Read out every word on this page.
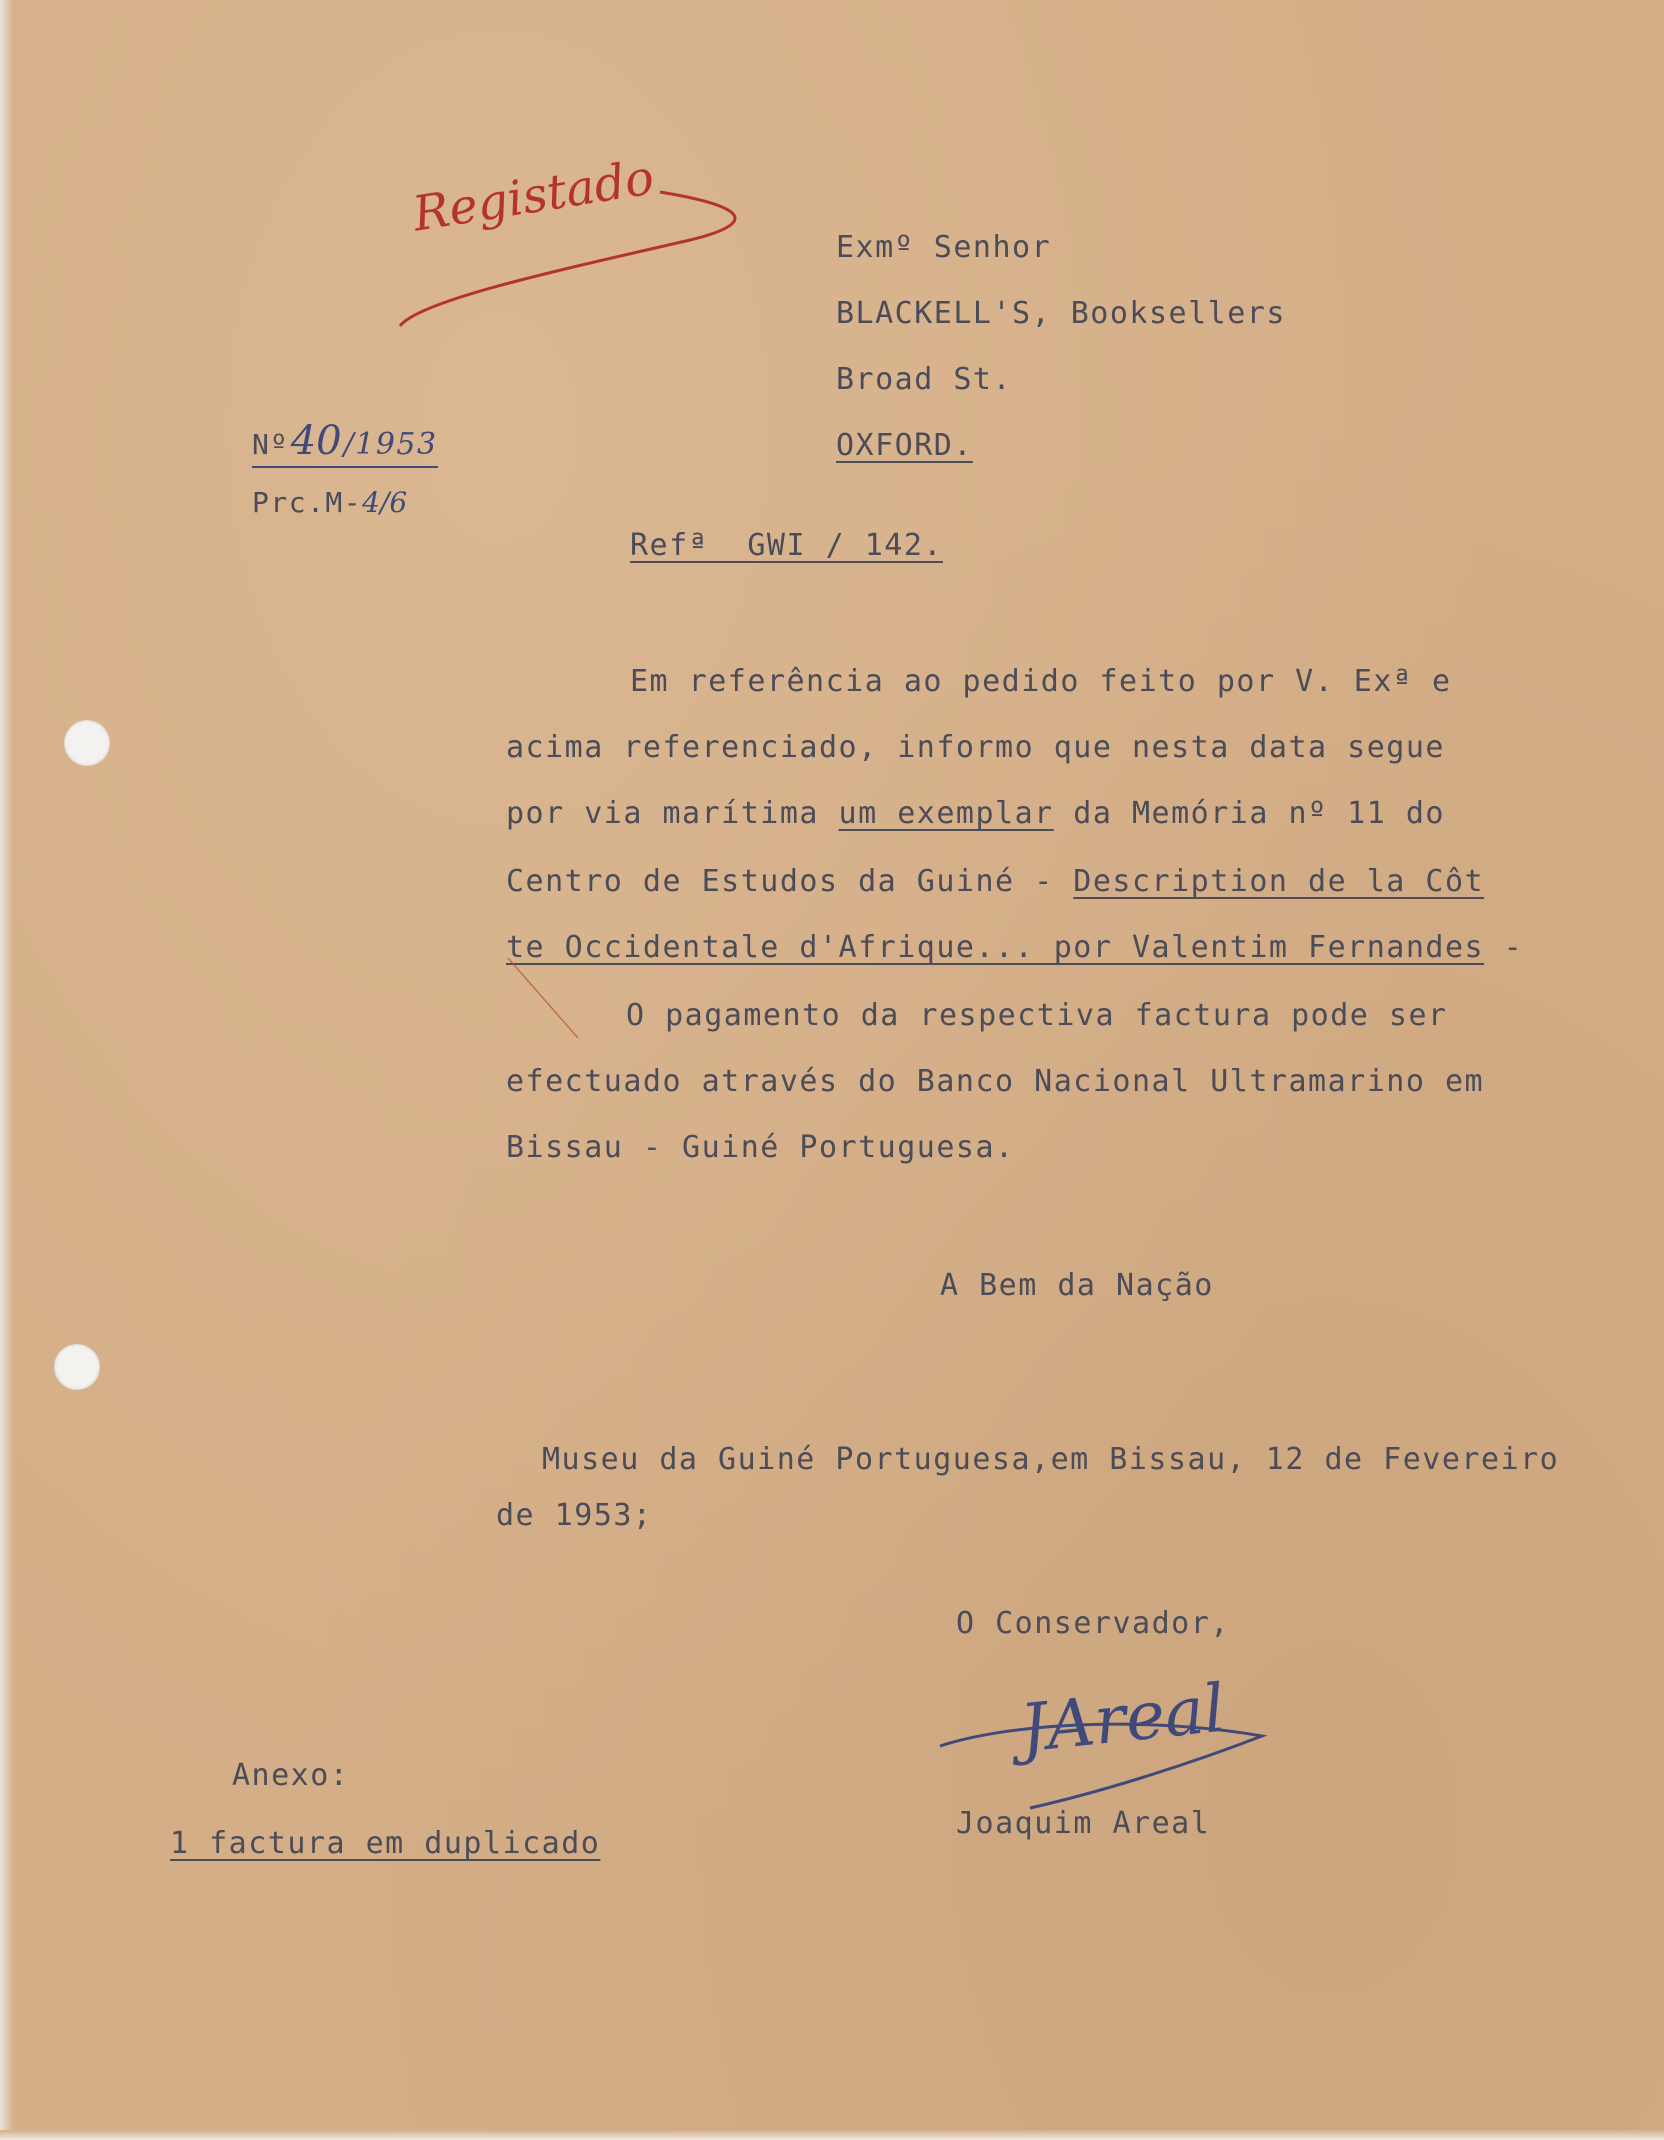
Registado
Exmº Senhor
BLACKELL'S, Booksellers
Broad St.
OXFORD.
Nº40/1953
Prc.M-4/6
Refª  GWI / 142.
Em referência ao pedido feito por V. Exª e
acima referenciado, informo que nesta data segue
por via marítima um exemplar da Memória nº 11 do
Centro de Estudos da Guiné - Description de la Côt
te Occidentale d'Afrique... por Valentim Fernandes -
O pagamento da respectiva factura pode ser
efectuado através do Banco Nacional Ultramarino em
Bissau - Guiné Portuguesa.
A Bem da Nação
Museu da Guiné Portuguesa,em Bissau, 12 de Fevereiro
de 1953;
O Conservador,
JAreal
Joaquim Areal
Anexo:
1 factura em duplicado
